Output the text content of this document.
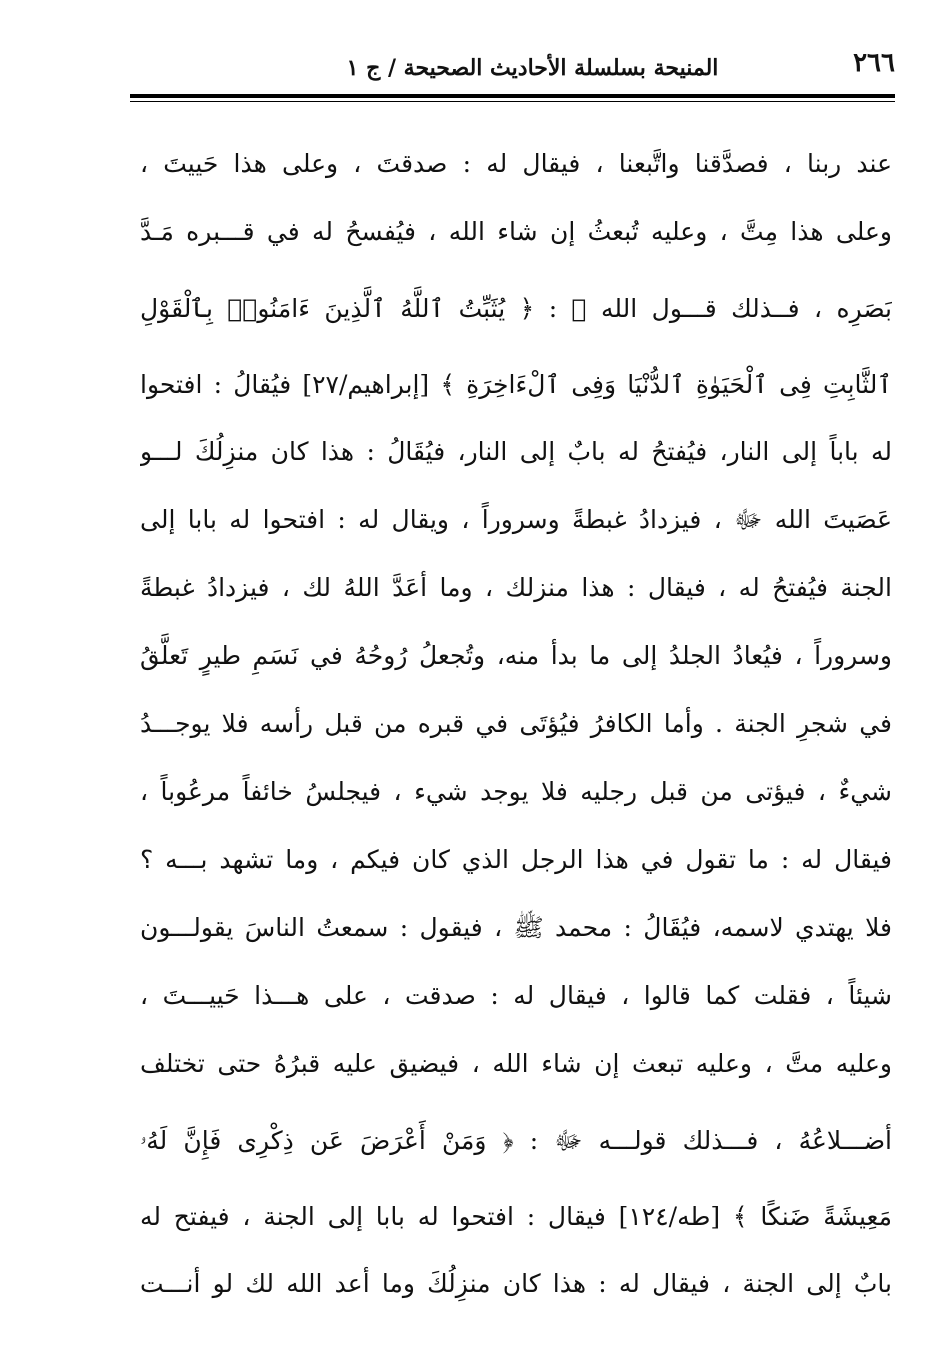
٢٦٦
المنيحة بسلسلة الأحاديث الصحيحة / ج ١
عند ربنا ، فصدَّقنا واتَّبعنا ، فيقال له : صدقتَ ، وعلى هذا حَييتَ ،
وعلى هذا مِتَّ ، وعليه تُبعثُ إن شاء الله ، فيُفسحُ له في قـــبره مَـدَّ
بَصَرِه ، فــذلك قـــول الله ﷻ : ﴿ يُثَبِّتُ ٱللَّهُ ٱلَّذِينَ ءَامَنُوا۟ بِٱلْقَوْلِ
ٱلثَّابِتِ فِى ٱلْحَيَوٰةِ ٱلدُّنْيَا وَفِى ٱلْءَاخِرَةِ ﴾ [إبراهيم/٢٧] فيُقالُ : افتحوا
له باباً إلى النار، فيُفتحُ له بابٌ إلى النار، فيُقَالُ : هذا كان منزِلُكَ لـــو
عَصَيتَ الله ﷻ ، فيزدادُ غبطةً وسروراً ، ويقال له : افتحوا له بابا إلى
الجنة فيُفتحُ له ، فيقال : هذا منزلك ، وما أعَدَّ اللهُ لك ، فيزدادُ غبطةً
وسروراً ، فيُعادُ الجلدُ إلى ما بدأ منه، وتُجعلُ رُوحُهُ في نَسَمِ طيرٍ تَعلَّقُ
في شجرِ الجنة . وأما الكافرُ فيُؤتَى في قبره من قبل رأسه فلا يوجـــدُ
شيءٌ ، فيؤتى من قبل رجليه فلا يوجد شيء ، فيجلسُ خائفاً مرعُوباً ،
فيقال له : ما تقول في هذا الرجل الذي كان فيكم ، وما تشهد بـــه ؟
فلا يهتدي لاسمه، فيُقَالُ : محمد ﷺ ، فيقول : سمعتُ الناسَ يقولـــون
شيئاً ، فقلت كما قالوا ، فيقال له : صدقت ، على هـــذا حَييـــتَ ،
وعليه متَّ ، وعليه تبعث إن شاء الله ، فيضيق عليه قبرُهُ حتى تختلف
أضـــلاعُهُ ، فـــذلك قولـــه ﷻ : ﴿ وَمَنْ أَعْرَضَ عَن ذِكْرِى فَإِنَّ لَهُۥ
مَعِيشَةً ضَنكًا ﴾ [طه/١٢٤] فيقال : افتحوا له بابا إلى الجنة ، فيفتح له
بابٌ إلى الجنة ، فيقال له : هذا كان منزِلُكَ وما أعد الله لك لو أنـــت
